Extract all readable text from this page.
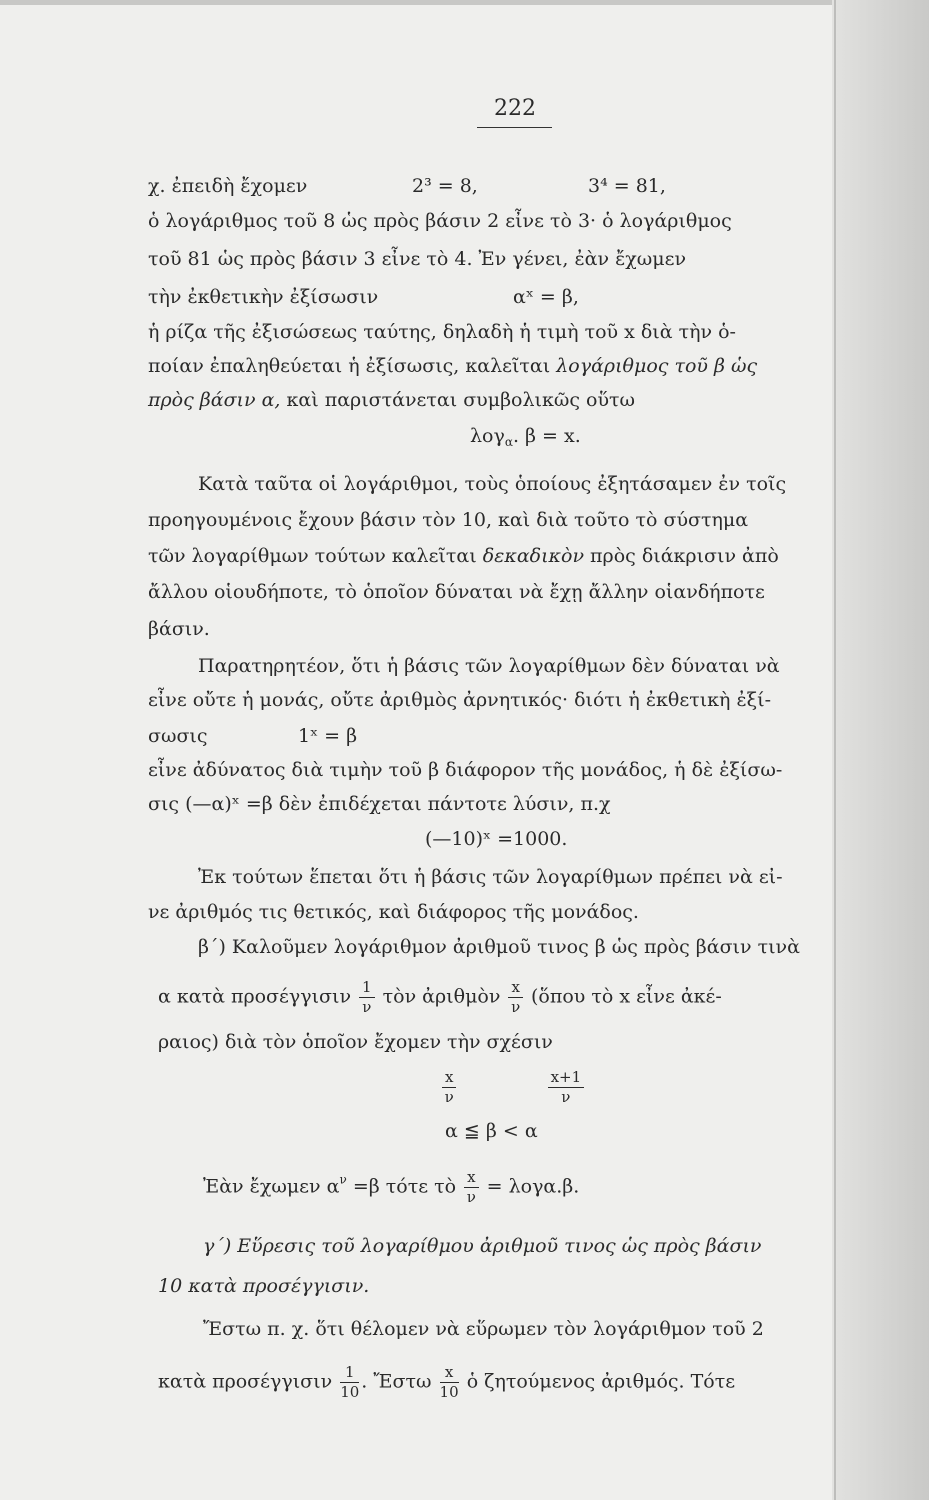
222
χ. ἐπειδὴ ἔχομεν	2³ = 8,	3⁴ = 81,
ὁ λογάριθμος τοῦ 8 ὡς πρὸς βάσιν 2 εἶνε τὸ 3· ὁ λογάριθμος
τοῦ 81 ὡς πρὸς βάσιν 3 εἶνε τὸ 4. Ἐν γένει, ἐὰν ἔχωμεν
τὴν ἐκθετικὴν ἐξίσωσιν	αˣ = β,
ἡ ρίζα τῆς ἐξισώσεως ταύτης, δηλαδὴ ἡ τιμὴ τοῦ x διὰ τὴν ὁ-
ποίαν ἐπαληθεύεται ἡ ἐξίσωσις, καλεῖται λογάριθμος τοῦ β ὡς
πρὸς βάσιν α, καὶ παριστάνεται συμβολικῶς οὕτω
λογ$_\alpha$. β = x.
Κατὰ ταῦτα οἱ λογάριθμοι, τοὺς ὁποίους ἐξητάσαμεν ἐν τοῖς
προηγουμένοις ἔχουν βάσιν τὸν 10, καὶ διὰ τοῦτο τὸ σύστημα
τῶν λογαρίθμων τούτων καλεῖται δεκαδικὸν πρὸς διάκρισιν ἀπὸ
ἄλλου οἱουδήποτε, τὸ ὁποῖον δύναται νὰ ἔχῃ ἄλλην οἱανδήποτε
βάσιν.
Παρατηρητέον, ὅτι ἡ βάσις τῶν λογαρίθμων δὲν δύναται νὰ
εἶνε οὔτε ἡ μονάς, οὔτε ἀριθμὸς ἀρνητικός· διότι ἡ ἐκθετικὴ ἐξί-
σωσις	1ˣ = β
εἶνε ἀδύνατος διὰ τιμὴν τοῦ β διάφορον τῆς μονάδος, ἡ δὲ ἐξίσω-
σις (—α)ˣ =β δὲν ἐπιδέχεται πάντοτε λύσιν, π.χ
(—10)ˣ =1000.
Ἐκ τούτων ἕπεται ὅτι ἡ βάσις τῶν λογαρίθμων πρέπει νὰ εἰ-
νε ἀριθμός τις θετικός, καὶ διάφορος τῆς μονάδος.
β΄) Καλοῦμεν λογάριθμον ἀριθμοῦ τινος β ὡς πρὸς βάσιν τινὰ
α κατὰ προσέγγισιν $\frac{1}{\nu}$ τὸν ἀριθμὸν $\frac{x}{\nu}$ (ὅπου τὸ x εἶνε ἀκέ-
ραιος) διὰ τὸν ὁποῖον ἔχομεν τὴν σχέσιν
$\frac{x}{\nu}$
	$\frac{x+1}{\nu}$
α ≦ β < α
Ἐὰν ἔχωμεν $\alpha^\nu =\beta$ τότε τὸ $\frac{x}{\nu} = \lambda o\gamma\alpha.\beta$.
γ΄) Εὕρεσις τοῦ λογαρίθμου ἀριθμοῦ τινος ὡς πρὸς βάσιν
10 κατὰ προσέγγισιν.
Ἔστω π. χ. ὅτι θέλομεν νὰ εὕρωμεν τὸν λογάριθμον τοῦ 2
κατὰ προσέγγισιν $\frac{1}{10}$ . Ἔστω $\frac{x}{10}$ ὁ ζητούμενος ἀριθμός. Τότε
